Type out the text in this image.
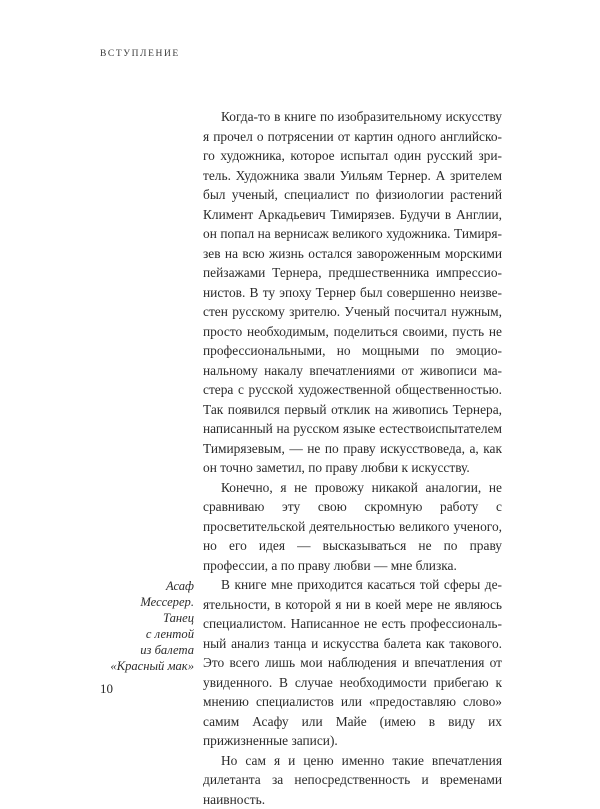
ВСТУПЛЕНИЕ

Когда-то в книге по изобразительному искусству я прочел о потрясении от картин одного английского художника, которое испытал один русский зритель. Художника звали Уильям Тернер. А зрителем был ученый, специалист по физиологии растений Климент Аркадьевич Тимирязев. Будучи в Англии, он попал на вернисаж великого художника. Тимирязев на всю жизнь остался завороженным морскими пейзажами Тернера, предшественника импрессионистов. В ту эпоху Тернер был совершенно неизвестен русскому зрителю. Ученый посчитал нужным, просто необходимым, поделиться своими, пусть не профессиональными, но мощными по эмоциональному накалу впечатлениями от живописи мастера с русской художественной общественностью. Так появился первый отклик на живопись Тернера, написанный на русском языке естествоиспытателем Тимирязевым, — не по праву искусствоведа, а, как он точно заметил, по праву любви к искусству.

Конечно, я не провожу никакой аналогии, не сравниваю эту свою скромную работу с просветительской деятельностью великого ученого, но его идея — высказываться не по праву профессии, а по праву любви — мне близка.

В книге мне приходится касаться той сферы деятельности, в которой я ни в коей мере не являюсь специалистом. Написанное не есть профессиональный анализ танца и искусства балета как такового. Это всего лишь мои наблюдения и впечатления от увиденного. В случае необходимости прибегаю к мнению специалистов или «предоставляю слово» самим Асафу или Майе (имею в виду их прижизненные записи).

Но сам я и ценю именно такие впечатления дилетанта за непосредственность и временами наивность.

Асаф
Мессерер.
Танец
с лентой
из балета
«Красный мак»
10
